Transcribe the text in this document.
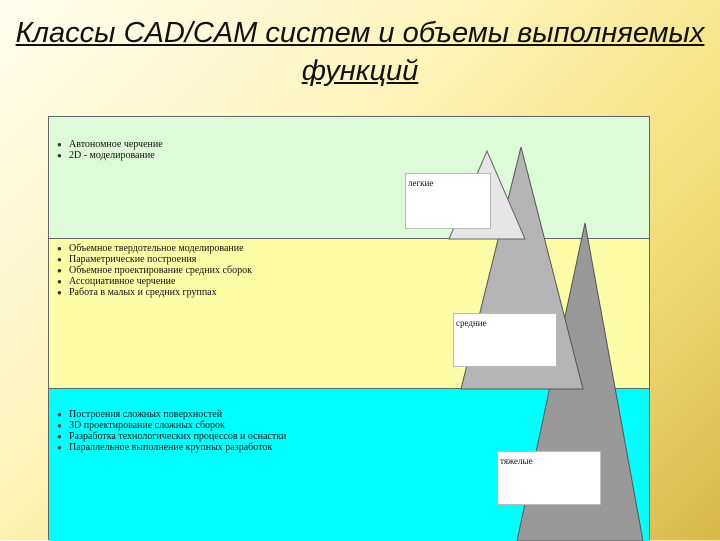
Классы CAD/CAM систем и объемы выполняемых функций
● Автономное черчение
● 2D - моделирование
● Объемное твердотельное моделирование
● Параметрические построения
● Объемное проектирование средних сборок
● Ассоциативное черчение
● Работа в малых и средних группах
● Построения сложных поверхностей
● 3D проектирование сложных сборок
● Разработка технологических процессов и оснастки
● Параллельное выполнение крупных разработок
легкие
средние
тяжелые
